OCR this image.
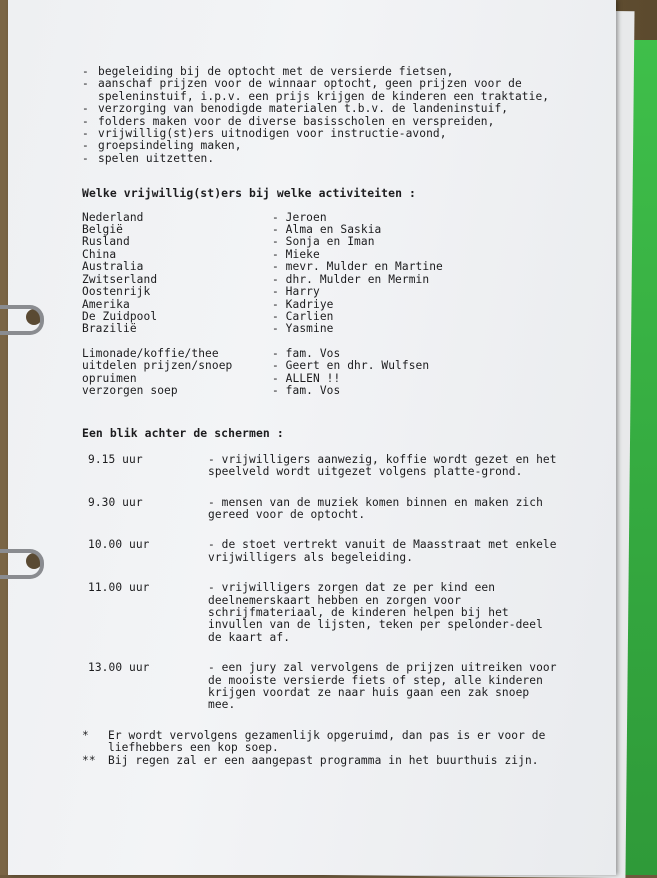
- begeleiding bij de optocht met de versierde fietsen,
- aanschaf prijzen voor de winnaar optocht, geen prijzen voor de speleninstuif, i.p.v. een prijs krijgen de kinderen een traktatie,
- verzorging van benodigde materialen t.b.v. de landeninstuif,
- folders maken voor de diverse basisscholen en verspreiden,
- vrijwillig(st)ers uitnodigen voor instructie-avond,
- groepsindeling maken,
- spelen uitzetten.
Welke vrijwillig(st)ers bij welke activiteiten :
Nederland	- Jeroen
België	- Alma en Saskia
Rusland	- Sonja en Iman
China	- Mieke
Australia	- mevr. Mulder en Martine
Zwitserland	- dhr. Mulder en Mermin
Oostenrijk	- Harry
Amerika	- Kadriye
De Zuidpool	- Carlien
Brazilië	- Yasmine
Limonade/koffie/thee	- fam. Vos
uitdelen prijzen/snoep	- Geert en dhr. Wulfsen
opruimen	- ALLEN !!
verzorgen soep	- fam. Vos
Een blik achter de schermen :
9.15 uur	- vrijwilligers aanwezig, koffie wordt gezet en het speelveld wordt uitgezet volgens platte-grond.
9.30 uur	- mensen van de muziek komen binnen en maken zich gereed voor de optocht.
10.00 uur	- de stoet vertrekt vanuit de Maasstraat met enkele vrijwilligers als begeleiding.
11.00 uur	- vrijwilligers zorgen dat ze per kind een deelnemerskaart hebben en zorgen voor schrijfmateriaal, de kinderen helpen bij het invullen van de lijsten, teken per spelonder-deel de kaart af.
13.00 uur	- een jury zal vervolgens de prijzen uitreiken voor de mooiste versierde fiets of step, alle kinderen krijgen voordat ze naar huis gaan een zak snoep mee.
*	Er wordt vervolgens gezamenlijk opgeruimd, dan pas is er voor de liefhebbers een kop soep.
**	Bij regen zal er een aangepast programma in het buurthuis zijn.
